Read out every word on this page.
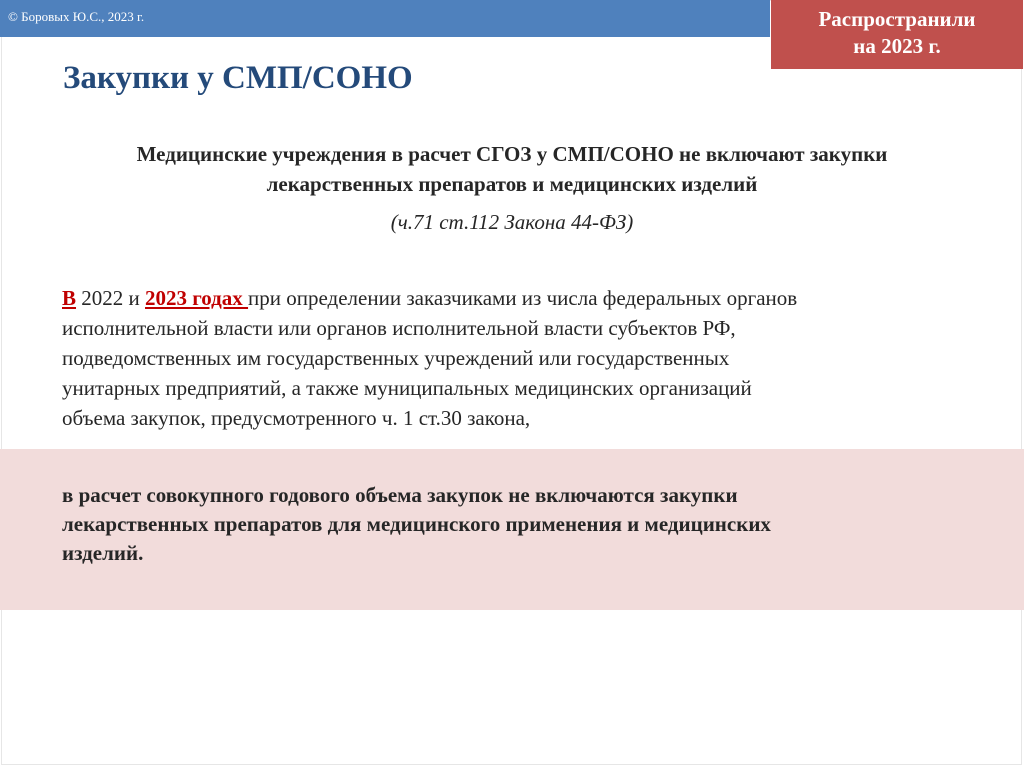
© Боровых Ю.С., 2023 г.	Распространили
на 2023 г.
Закупки у СМП/СОНО
Медицинские учреждения в расчет СГОЗ у СМП/СОНО не включают закупки
лекарственных препаратов и медицинских изделий
(ч.71 ст.112 Закона 44-ФЗ)
В 2022 и 2023 годах при определении заказчиками из числа федеральных органов
исполнительной власти или органов исполнительной власти субъектов РФ,
подведомственных им государственных учреждений или государственных
унитарных предприятий, а также муниципальных медицинских организаций
объема закупок, предусмотренного ч. 1 ст.30 закона,
в расчет совокупного годового объема закупок не включаются закупки
лекарственных препаратов для медицинского применения и медицинских
изделий.
